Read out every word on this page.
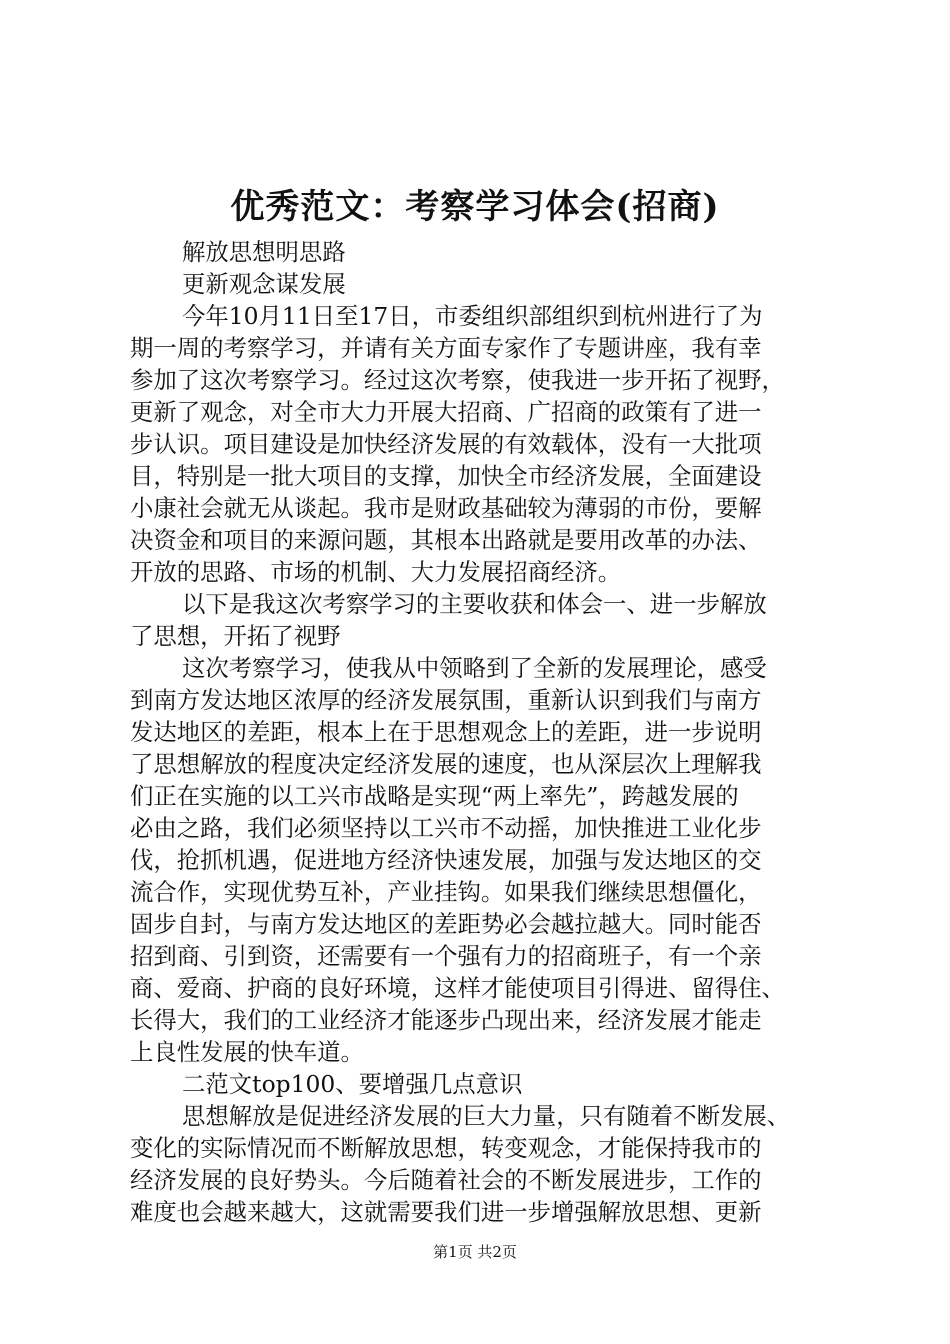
优秀范文：考察学习体会(招商)
解放思想明思路
更新观念谋发展
今年10月11日至17日，市委组织部组织到杭州进行了为
期一周的考察学习，并请有关方面专家作了专题讲座，我有幸
参加了这次考察学习。经过这次考察，使我进一步开拓了视野，
更新了观念，对全市大力开展大招商、广招商的政策有了进一
步认识。项目建设是加快经济发展的有效载体，没有一大批项
目，特别是一批大项目的支撑，加快全市经济发展，全面建设
小康社会就无从谈起。我市是财政基础较为薄弱的市份，要解
决资金和项目的来源问题，其根本出路就是要用改革的办法、
开放的思路、市场的机制、大力发展招商经济。
以下是我这次考察学习的主要收获和体会一、进一步解放
了思想，开拓了视野
这次考察学习，使我从中领略到了全新的发展理论，感受
到南方发达地区浓厚的经济发展氛围，重新认识到我们与南方
发达地区的差距，根本上在于思想观念上的差距，进一步说明
了思想解放的程度决定经济发展的速度，也从深层次上理解我
们正在实施的以工兴市战略是实现“两上率先”，跨越发展的
必由之路，我们必须坚持以工兴市不动摇，加快推进工业化步
伐，抢抓机遇，促进地方经济快速发展，加强与发达地区的交
流合作，实现优势互补，产业挂钩。如果我们继续思想僵化，
固步自封，与南方发达地区的差距势必会越拉越大。同时能否
招到商、引到资，还需要有一个强有力的招商班子，有一个亲
商、爱商、护商的良好环境，这样才能使项目引得进、留得住、
长得大，我们的工业经济才能逐步凸现出来，经济发展才能走
上良性发展的快车道。
二范文top100、要增强几点意识
思想解放是促进经济发展的巨大力量，只有随着不断发展、
变化的实际情况而不断解放思想，转变观念，才能保持我市的
经济发展的良好势头。今后随着社会的不断发展进步，工作的
难度也会越来越大，这就需要我们进一步增强解放思想、更新
第1页 共2页
